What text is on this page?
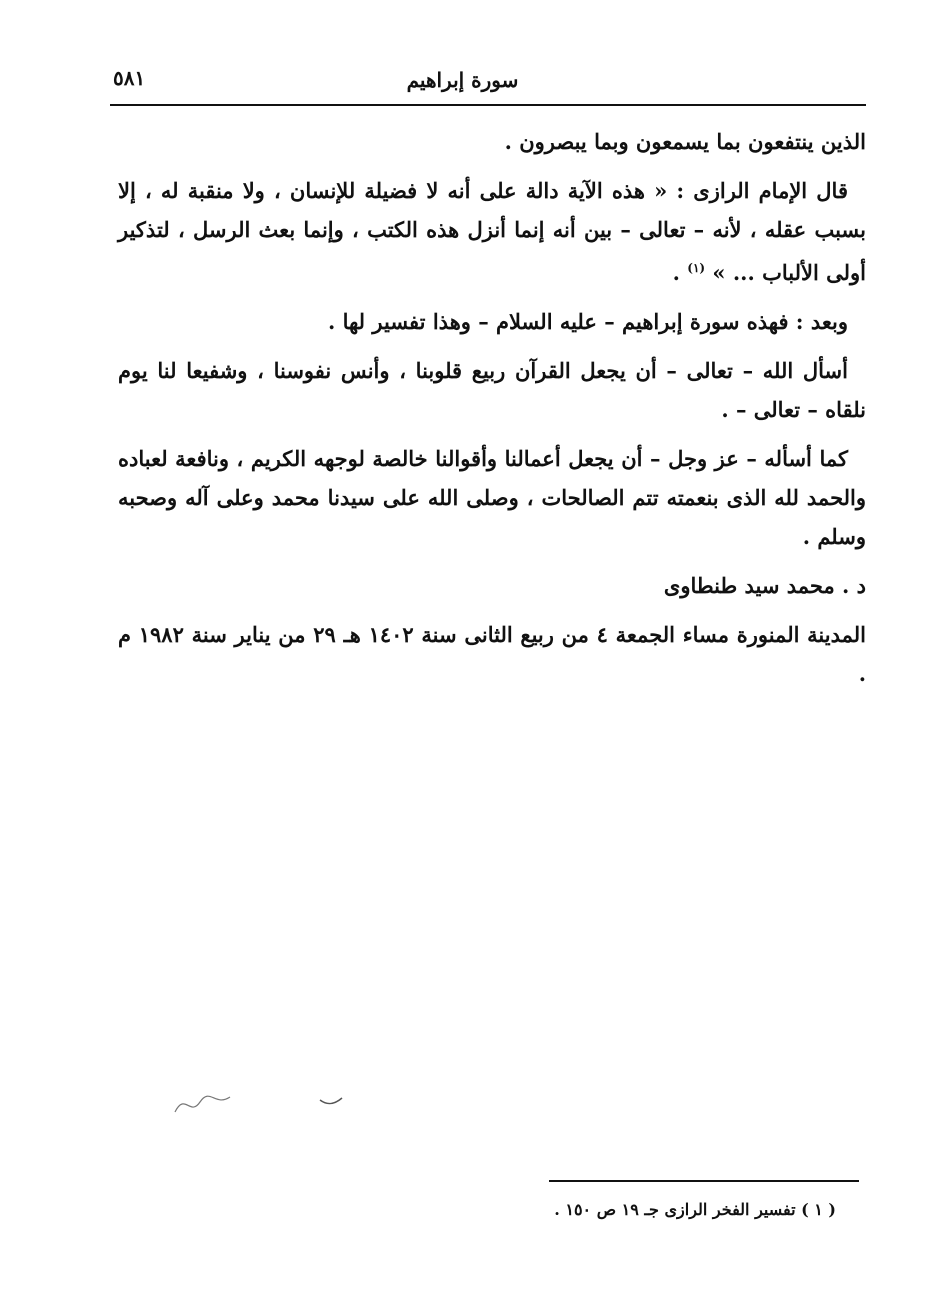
٥٨١	سورة إبراهيم

الذين ينتفعون بما يسمعون وبما يبصرون .

قال الإمام الرازى : « هذه الآية دالة على أنه لا فضيلة للإنسان ، ولا منقبة له ، إلا بسبب عقله ، لأنه – تعالى – بين أنه إنما أنزل هذه الكتب ، وإنما بعث الرسل ، لتذكير أولى الألباب ... » $^{(١)}$ .

وبعد : فهذه سورة إبراهيم – عليه السلام – وهذا تفسير لها .

أسأل الله – تعالى – أن يجعل القرآن ربيع قلوبنا ، وأنس نفوسنا ، وشفيعا لنا يوم نلقاه – تعالى – .

كما أسأله – عز وجل – أن يجعل أعمالنا وأقوالنا خالصة لوجهه الكريم ، ونافعة لعباده والحمد لله الذى بنعمته تتم الصالحات ، وصلى الله على سيدنا محمد وعلى آله وصحبه وسلم .

د . محمد سيد طنطاوى

المدينة المنورة مساء الجمعة ٤ من ربيع الثانى سنة ١٤٠٢ هـ ٢٩ من يناير سنة ١٩٨٢ م .

( ١ ) تفسير الفخر الرازى جـ ١٩ ص ١٥٠ .
